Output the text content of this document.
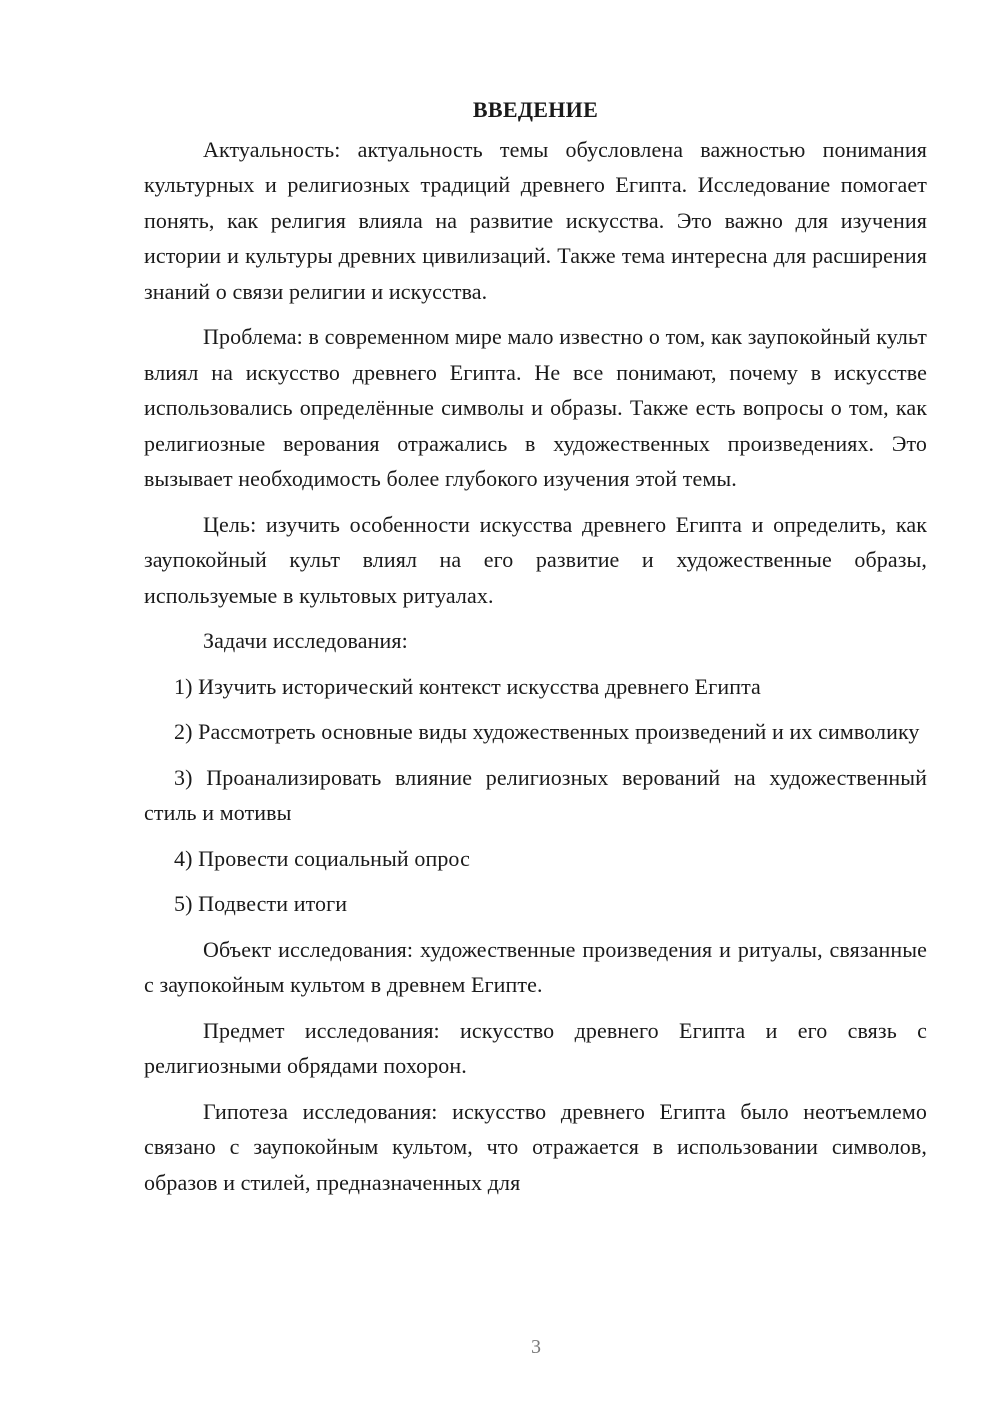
ВВЕДЕНИЕ

Актуальность: актуальность темы обусловлена важностью понимания культурных и религиозных традиций древнего Египта. Исследование помогает понять, как религия влияла на развитие искусства. Это важно для изучения истории и культуры древних цивилизаций. Также тема интересна для расширения знаний о связи религии и искусства.

Проблема: в современном мире мало известно о том, как заупокойный культ влиял на искусство древнего Египта. Не все понимают, почему в искусстве использовались определённые символы и образы. Также есть вопросы о том, как религиозные верования отражались в художественных произведениях. Это вызывает необходимость более глубокого изучения этой темы.

Цель: изучить особенности искусства древнего Египта и определить, как заупокойный культ влиял на его развитие и художественные образы, используемые в культовых ритуалах.

Задачи исследования:

1) Изучить исторический контекст искусства древнего Египта

2) Рассмотреть основные виды художественных произведений и их символику

3) Проанализировать влияние религиозных верований на художественный стиль и мотивы

4) Провести социальный опрос

5) Подвести итоги

Объект исследования: художественные произведения и ритуалы, связанные с заупокойным культом в древнем Египте.

Предмет исследования: искусство древнего Египта и его связь с религиозными обрядами похорон.

Гипотеза исследования: искусство древнего Египта было неотъемлемо связано с заупокойным культом, что отражается в использовании символов, образов и стилей, предназначенных для

3
